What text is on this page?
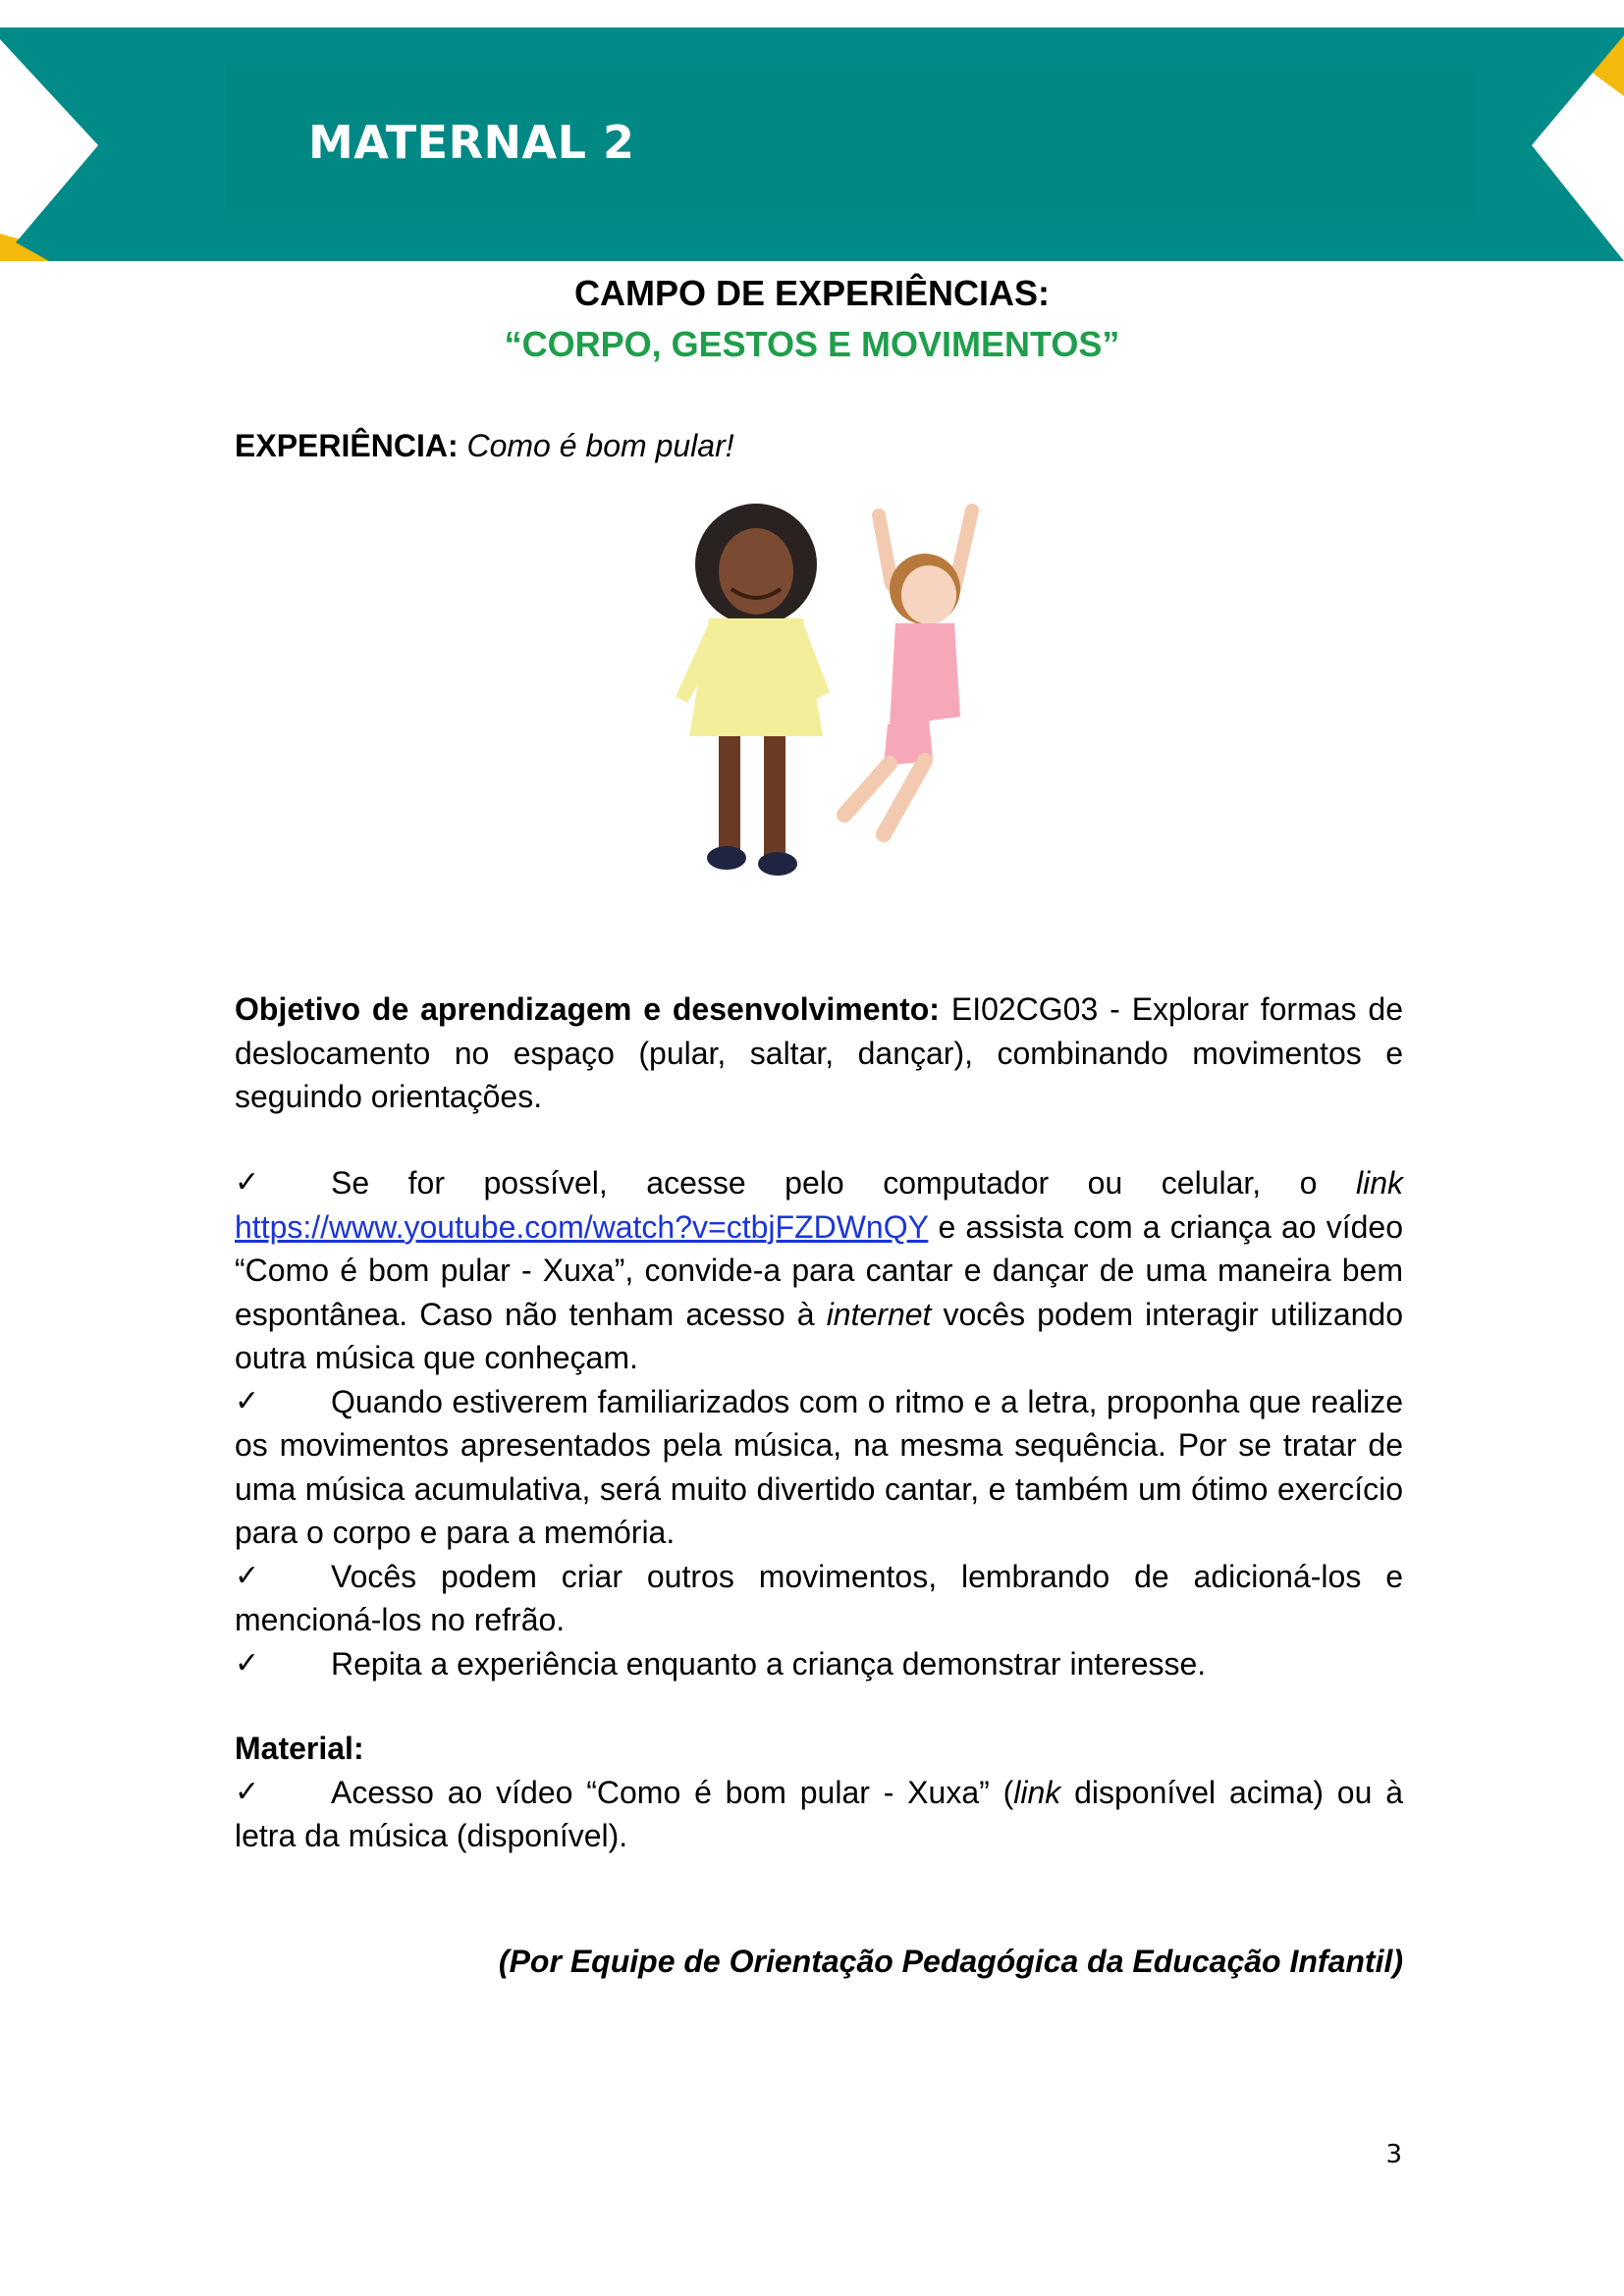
MATERNAL 2
CAMPO DE EXPERIÊNCIAS:
“CORPO, GESTOS E MOVIMENTOS”
EXPERIÊNCIA: Como é bom pular!
Objetivo de aprendizagem e desenvolvimento: EI02CG03 - Explorar formas de deslocamento no espaço (pular, saltar, dançar), combinando movimentos e seguindo orientações.

✓ Se for possível, acesse pelo computador ou celular, o link https://www.youtube.com/watch?v=ctbjFZDWnQY e assista com a criança ao vídeo “Como é bom pular - Xuxa”, convide-a para cantar e dançar de uma maneira bem espontânea. Caso não tenham acesso à internet vocês podem interagir utilizando outra música que conheçam.

✓ Quando estiverem familiarizados com o ritmo e a letra, proponha que realize os movimentos apresentados pela música, na mesma sequência. Por se tratar de uma música acumulativa, será muito divertido cantar, e também um ótimo exercício para o corpo e para a memória.

✓ Vocês podem criar outros movimentos, lembrando de adicioná-los e mencioná-los no refrão.

✓ Repita a experiência enquanto a criança demonstrar interesse.

Material:

✓ Acesso ao vídeo “Como é bom pular - Xuxa” (link disponível acima) ou à letra da música (disponível).

(Por Equipe de Orientação Pedagógica da Educação Infantil)
3
